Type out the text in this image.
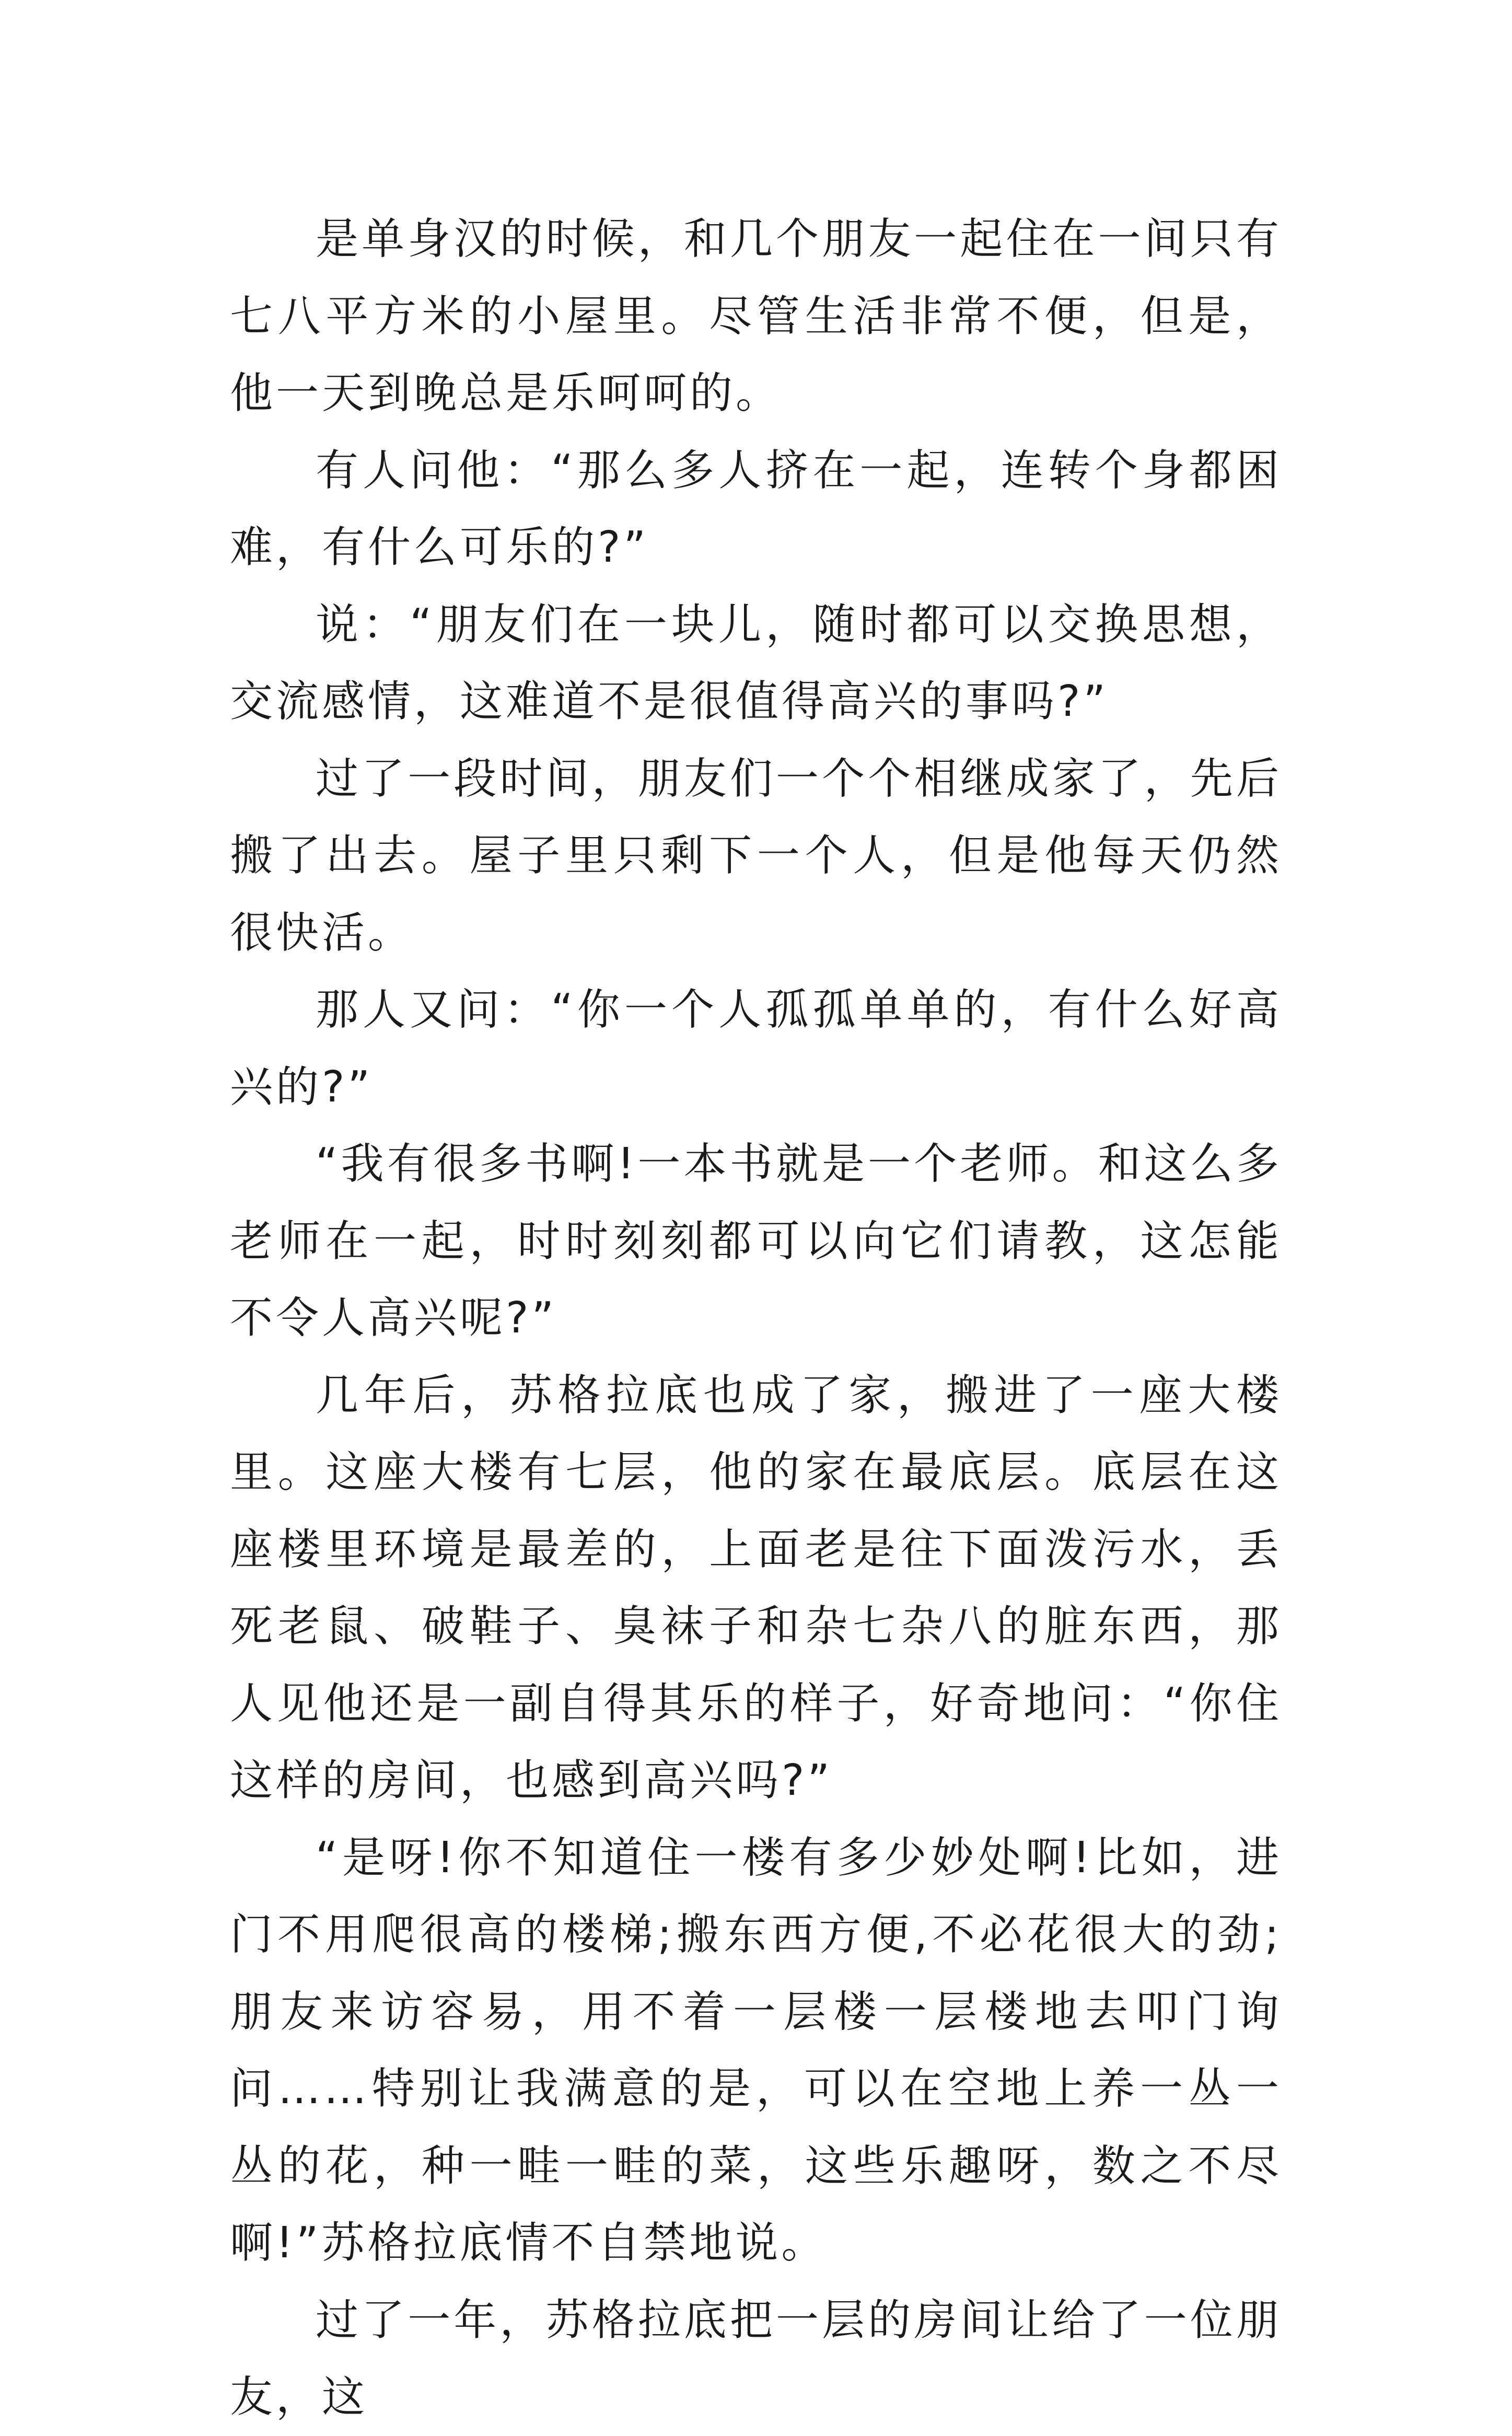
是单身汉的时候，和几个朋友一起住在一间只有七八平方米的小屋里。尽管生活非常不便，但是，他一天到晚总是乐呵呵的。

有人问他：“那么多人挤在一起，连转个身都困难，有什么可乐的?”

说：“朋友们在一块儿，随时都可以交换思想，交流感情，这难道不是很值得高兴的事吗?”

过了一段时间，朋友们一个个相继成家了，先后搬了出去。屋子里只剩下一个人，但是他每天仍然很快活。

那人又问：“你一个人孤孤单单的，有什么好高兴的?”

“我有很多书啊!一本书就是一个老师。和这么多老师在一起，时时刻刻都可以向它们请教，这怎能不令人高兴呢?”

几年后，苏格拉底也成了家，搬进了一座大楼里。这座大楼有七层，他的家在最底层。底层在这座楼里环境是最差的，上面老是往下面泼污水，丢死老鼠、破鞋子、臭袜子和杂七杂八的脏东西，那人见他还是一副自得其乐的样子，好奇地问：“你住这样的房间，也感到高兴吗?”

“是呀!你不知道住一楼有多少妙处啊!比如，进门不用爬很高的楼梯;搬东西方便,不必花很大的劲;朋友来访容易，用不着一层楼一层楼地去叩门询问……特别让我满意的是，可以在空地上养一丛一丛的花，种一畦一畦的菜，这些乐趣呀，数之不尽啊!”苏格拉底情不自禁地说。

过了一年，苏格拉底把一层的房间让给了一位朋友，这
